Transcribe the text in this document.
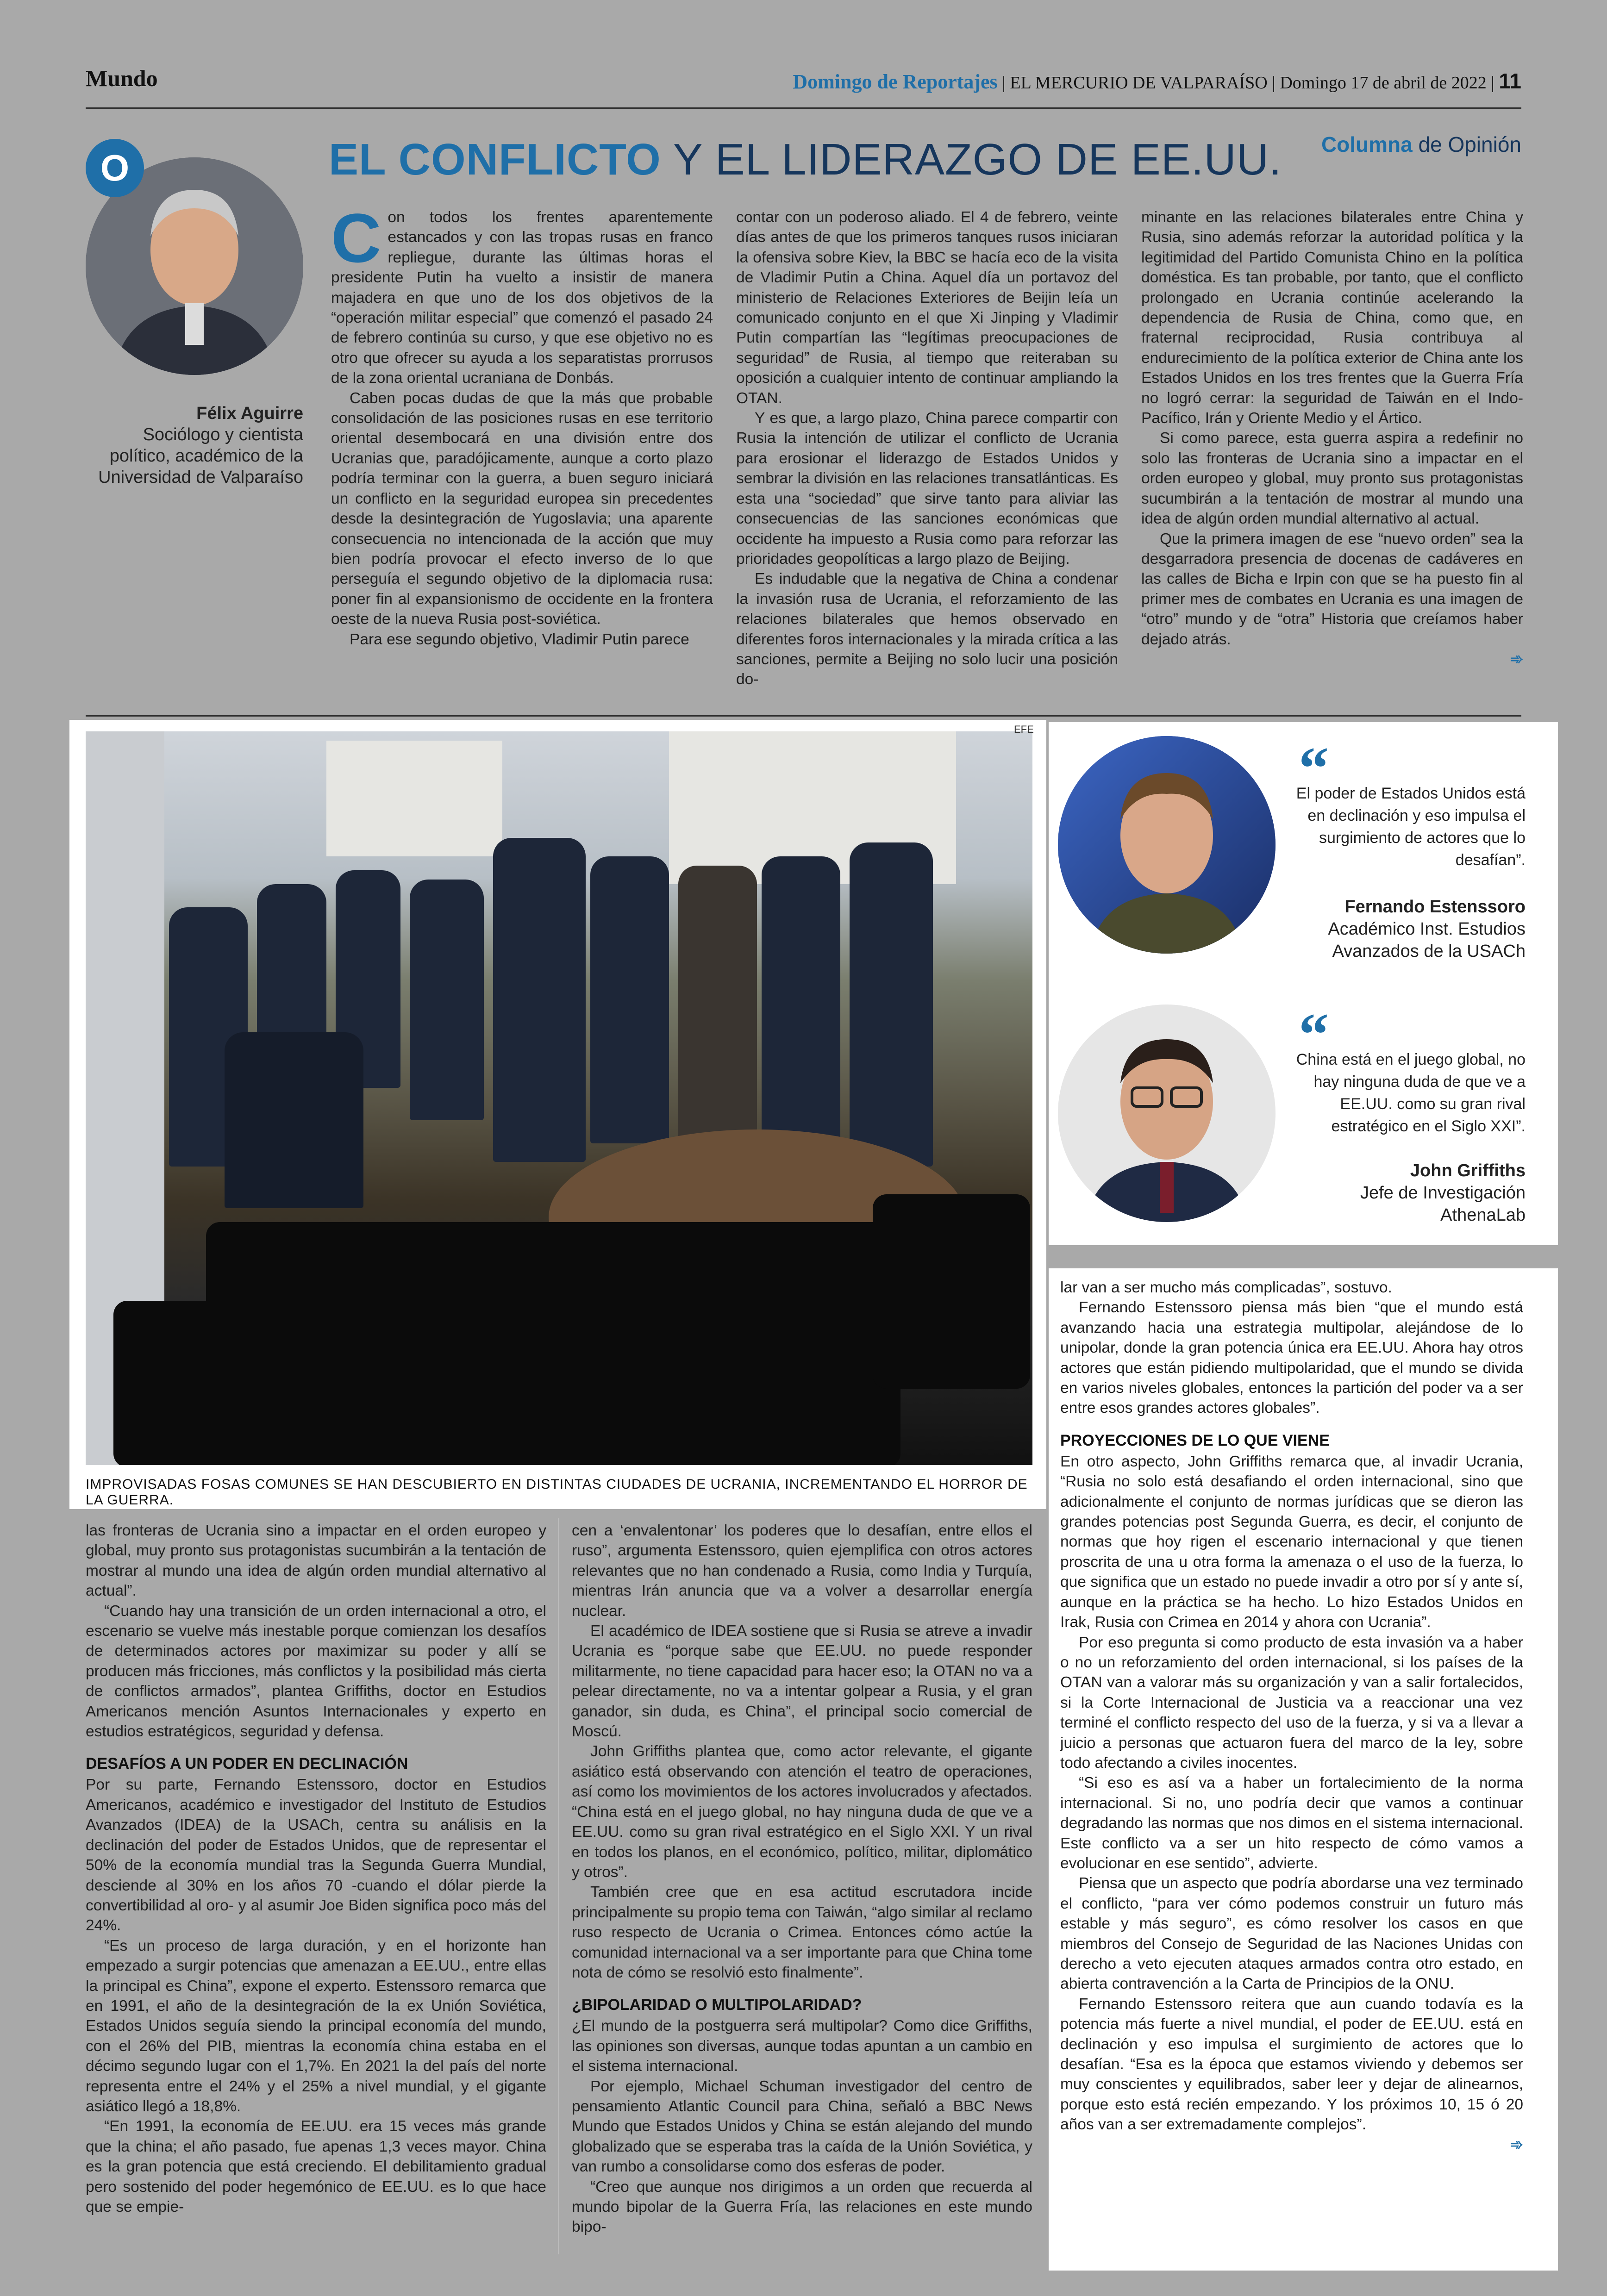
Mundo	Domingo de Reportajes | EL MERCURIO DE VALPARAÍSO | Domingo 17 de abril de 2022 | 11
O
Félix Aguirre
Sociólogo y cientista político, académico de la Universidad de Valparaíso
EL CONFLICTO Y EL LIDERAZGO DE EE.UU. Columna de Opinión

Con todos los frentes aparentemente estancados y con las tropas rusas en franco repliegue, durante las últimas horas el presidente Putin ha vuelto a insistir de manera majadera en que uno de los dos objetivos de la “operación militar especial” que comenzó el pasado 24 de febrero continúa su curso, y que ese objetivo no es otro que ofrecer su ayuda a los separatistas prorrusos de la zona oriental ucraniana de Donbás.

Caben pocas dudas de que la más que probable consolidación de las posiciones rusas en ese territorio oriental desembocará en una división entre dos Ucranias que, paradójicamente, aunque a corto plazo podría terminar con la guerra, a buen seguro iniciará un conflicto en la seguridad europea sin precedentes desde la desintegración de Yugoslavia; una aparente consecuencia no intencionada de la acción que muy bien podría provocar el efecto inverso de lo que perseguía el segundo objetivo de la diplomacia rusa: poner fin al expansionismo de occidente en la frontera oeste de la nueva Rusia post-soviética.

Para ese segundo objetivo, Vladimir Putin parece

contar con un poderoso aliado. El 4 de febrero, veinte días antes de que los primeros tanques rusos iniciaran la ofensiva sobre Kiev, la BBC se hacía eco de la visita de Vladimir Putin a China. Aquel día un portavoz del ministerio de Relaciones Exteriores de Beijin leía un comunicado conjunto en el que Xi Jinping y Vladimir Putin compartían las “legítimas preocupaciones de seguridad” de Rusia, al tiempo que reiteraban su oposición a cualquier intento de continuar ampliando la OTAN.

Y es que, a largo plazo, China parece compartir con Rusia la intención de utilizar el conflicto de Ucrania para erosionar el liderazgo de Estados Unidos y sembrar la división en las relaciones transatlánticas. Es esta una “sociedad” que sirve tanto para aliviar las consecuencias de las sanciones económicas que occidente ha impuesto a Rusia como para reforzar las prioridades geopolíticas a largo plazo de Beijing.

Es indudable que la negativa de China a condenar la invasión rusa de Ucrania, el reforzamiento de las relaciones bilaterales que hemos observado en diferentes foros internacionales y la mirada crítica a las sanciones, permite a Beijing no solo lucir una posición do-

minante en las relaciones bilaterales entre China y Rusia, sino además reforzar la autoridad política y la legitimidad del Partido Comunista Chino en la política doméstica. Es tan probable, por tanto, que el conflicto prolongado en Ucrania continúe acelerando la dependencia de Rusia de China, como que, en fraternal reciprocidad, Rusia contribuya al endurecimiento de la política exterior de China ante los Estados Unidos en los tres frentes que la Guerra Fría no logró cerrar: la seguridad de Taiwán en el Indo-Pacífico, Irán y Oriente Medio y el Ártico.

Si como parece, esta guerra aspira a redefinir no solo las fronteras de Ucrania sino a impactar en el orden europeo y global, muy pronto sus protagonistas sucumbirán a la tentación de mostrar al mundo una idea de algún orden mundial alternativo al actual.

Que la primera imagen de ese “nuevo orden” sea la desgarradora presencia de docenas de cadáveres en las calles de Bicha e Irpin con que se ha puesto fin al primer mes de combates en Ucrania es una imagen de “otro” mundo y de “otra” Historia que creíamos haber dejado atrás.

➾
“
El poder de Estados Unidos está en declinación y eso impulsa el surgimiento de actores que lo desafían”.
Fernando Estenssoro
Académico Inst. Estudios Avanzados de la USACh
“
China está en el juego global, no hay ninguna duda de que ve a EE.UU. como su gran rival estratégico en el Siglo XXI”.
John Griffiths
Jefe de Investigación AthenaLab
EFE
IMPROVISADAS FOSAS COMUNES SE HAN DESCUBIERTO EN DISTINTAS CIUDADES DE UCRANIA, INCREMENTANDO EL HORROR DE LA GUERRA.

las fronteras de Ucrania sino a impactar en el orden europeo y global, muy pronto sus protagonistas sucumbirán a la tentación de mostrar al mundo una idea de algún orden mundial alternativo al actual”.

“Cuando hay una transición de un orden internacional a otro, el escenario se vuelve más inestable porque comienzan los desafíos de determinados actores por maximizar su poder y allí se producen más fricciones, más conflictos y la posibilidad más cierta de conflictos armados”, plantea Griffiths, doctor en Estudios Americanos mención Asuntos Internacionales y experto en estudios estratégicos, seguridad y defensa.

DESAFÍOS A UN PODER EN DECLINACIÓN

Por su parte, Fernando Estenssoro, doctor en Estudios Americanos, académico e investigador del Instituto de Estudios Avanzados (IDEA) de la USACh, centra su análisis en la declinación del poder de Estados Unidos, que de representar el 50% de la economía mundial tras la Segunda Guerra Mundial, desciende al 30% en los años 70 -cuando el dólar pierde la convertibilidad al oro- y al asumir Joe Biden significa poco más del 24%.

“Es un proceso de larga duración, y en el horizonte han empezado a surgir potencias que amenazan a EE.UU., entre ellas la principal es China”, expone el experto. Estenssoro remarca que en 1991, el año de la desintegración de la ex Unión Soviética, Estados Unidos seguía siendo la principal economía del mundo, con el 26% del PIB, mientras la economía china estaba en el décimo segundo lugar con el 1,7%. En 2021 la del país del norte representa entre el 24% y el 25% a nivel mundial, y el gigante asiático llegó a 18,8%.

“En 1991, la economía de EE.UU. era 15 veces más grande que la china; el año pasado, fue apenas 1,3 veces mayor. China es la gran potencia que está creciendo. El debilitamiento gradual pero sostenido del poder hegemónico de EE.UU. es lo que hace que se empie-

cen a ‘envalentonar’ los poderes que lo desafían, entre ellos el ruso”, argumenta Estenssoro, quien ejemplifica con otros actores relevantes que no han condenado a Rusia, como India y Turquía, mientras Irán anuncia que va a volver a desarrollar energía nuclear.

El académico de IDEA sostiene que si Rusia se atreve a invadir Ucrania es “porque sabe que EE.UU. no puede responder militarmente, no tiene capacidad para hacer eso; la OTAN no va a pelear directamente, no va a intentar golpear a Rusia, y el gran ganador, sin duda, es China”, el principal socio comercial de Moscú.

John Griffiths plantea que, como actor relevante, el gigante asiático está observando con atención el teatro de operaciones, así como los movimientos de los actores involucrados y afectados. “China está en el juego global, no hay ninguna duda de que ve a EE.UU. como su gran rival estratégico en el Siglo XXI. Y un rival en todos los planos, en el económico, político, militar, diplomático y otros”.

También cree que en esa actitud escrutadora incide principalmente su propio tema con Taiwán, “algo similar al reclamo ruso respecto de Ucrania o Crimea. Entonces cómo actúe la comunidad internacional va a ser importante para que China tome nota de cómo se resolvió esto finalmente”.

¿BIPOLARIDAD O MULTIPOLARIDAD?

¿El mundo de la postguerra será multipolar? Como dice Griffiths, las opiniones son diversas, aunque todas apuntan a un cambio en el sistema internacional.

Por ejemplo, Michael Schuman investigador del centro de pensamiento Atlantic Council para China, señaló a BBC News Mundo que Estados Unidos y China se están alejando del mundo globalizado que se esperaba tras la caída de la Unión Soviética, y van rumbo a consolidarse como dos esferas de poder.

“Creo que aunque nos dirigimos a un orden que recuerda al mundo bipolar de la Guerra Fría, las relaciones en este mundo bipo-

lar van a ser mucho más complicadas”, sostuvo.

Fernando Estenssoro piensa más bien “que el mundo está avanzando hacia una estrategia multipolar, alejándose de lo unipolar, donde la gran potencia única era EE.UU. Ahora hay otros actores que están pidiendo multipolaridad, que el mundo se divida en varios niveles globales, entonces la partición del poder va a ser entre esos grandes actores globales”.

PROYECCIONES DE LO QUE VIENE

En otro aspecto, John Griffiths remarca que, al invadir Ucrania, “Rusia no solo está desafiando el orden internacional, sino que adicionalmente el conjunto de normas jurídicas que se dieron las grandes potencias post Segunda Guerra, es decir, el conjunto de normas que hoy rigen el escenario internacional y que tienen proscrita de una u otra forma la amenaza o el uso de la fuerza, lo que significa que un estado no puede invadir a otro por sí y ante sí, aunque en la práctica se ha hecho. Lo hizo Estados Unidos en Irak, Rusia con Crimea en 2014 y ahora con Ucrania”.

Por eso pregunta si como producto de esta invasión va a haber o no un reforzamiento del orden internacional, si los países de la OTAN van a valorar más su organización y van a salir fortalecidos, si la Corte Internacional de Justicia va a reaccionar una vez terminé el conflicto respecto del uso de la fuerza, y si va a llevar a juicio a personas que actuaron fuera del marco de la ley, sobre todo afectando a civiles inocentes.

“Si eso es así va a haber un fortalecimiento de la norma internacional. Si no, uno podría decir que vamos a continuar degradando las normas que nos dimos en el sistema internacional. Este conflicto va a ser un hito respecto de cómo vamos a evolucionar en ese sentido”, advierte.

Piensa que un aspecto que podría abordarse una vez terminado el conflicto, “para ver cómo podemos construir un futuro más estable y más seguro”, es cómo resolver los casos en que miembros del Consejo de Seguridad de las Naciones Unidas con derecho a veto ejecuten ataques armados contra otro estado, en abierta contravención a la Carta de Principios de la ONU.

Fernando Estenssoro reitera que aun cuando todavía es la potencia más fuerte a nivel mundial, el poder de EE.UU. está en declinación y eso impulsa el surgimiento de actores que lo desafían. “Esa es la época que estamos viviendo y debemos ser muy conscientes y equilibrados, saber leer y dejar de alinearnos, porque esto está recién empezando. Y los próximos 10, 15 ó 20 años van a ser extremadamente complejos”.

➾
